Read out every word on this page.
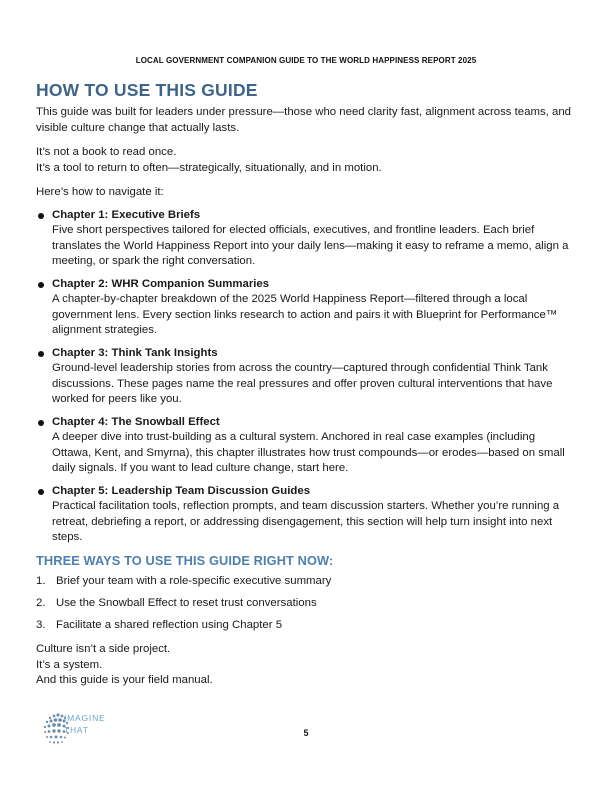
LOCAL GOVERNMENT COMPANION GUIDE TO THE WORLD HAPPINESS REPORT 2025
HOW TO USE THIS GUIDE

This guide was built for leaders under pressure—those who need clarity fast, alignment across teams, and visible culture change that actually lasts.

It’s not a book to read once.
It’s a tool to return to often—strategically, situationally, and in motion.

Here’s how to navigate it:

Chapter 1: Executive Briefs
Five short perspectives tailored for elected officials, executives, and frontline leaders. Each brief translates the World Happiness Report into your daily lens—making it easy to reframe a memo, align a meeting, or spark the right conversation.
Chapter 2: WHR Companion Summaries
A chapter-by-chapter breakdown of the 2025 World Happiness Report—filtered through a local government lens. Every section links research to action and pairs it with Blueprint for Performance™ alignment strategies.
Chapter 3: Think Tank Insights
Ground-level leadership stories from across the country—captured through confidential Think Tank discussions. These pages name the real pressures and offer proven cultural interventions that have worked for peers like you.
Chapter 4: The Snowball Effect
A deeper dive into trust-building as a cultural system. Anchored in real case examples (including Ottawa, Kent, and Smyrna), this chapter illustrates how trust compounds—or erodes—based on small daily signals. If you want to lead culture change, start here.
Chapter 5: Leadership Team Discussion Guides
Practical facilitation tools, reflection prompts, and team discussion starters. Whether you’re running a retreat, debriefing a report, or addressing disengagement, this section will help turn insight into next steps.
THREE WAYS TO USE THIS GUIDE RIGHT NOW:
1. Brief your team with a role-specific executive summary
2. Use the Snowball Effect to reset trust conversations
3. Facilitate a shared reflection using Chapter 5
Culture isn’t a side project.
It’s a system.
And this guide is your field manual.
IMAGINE
THAT	5
